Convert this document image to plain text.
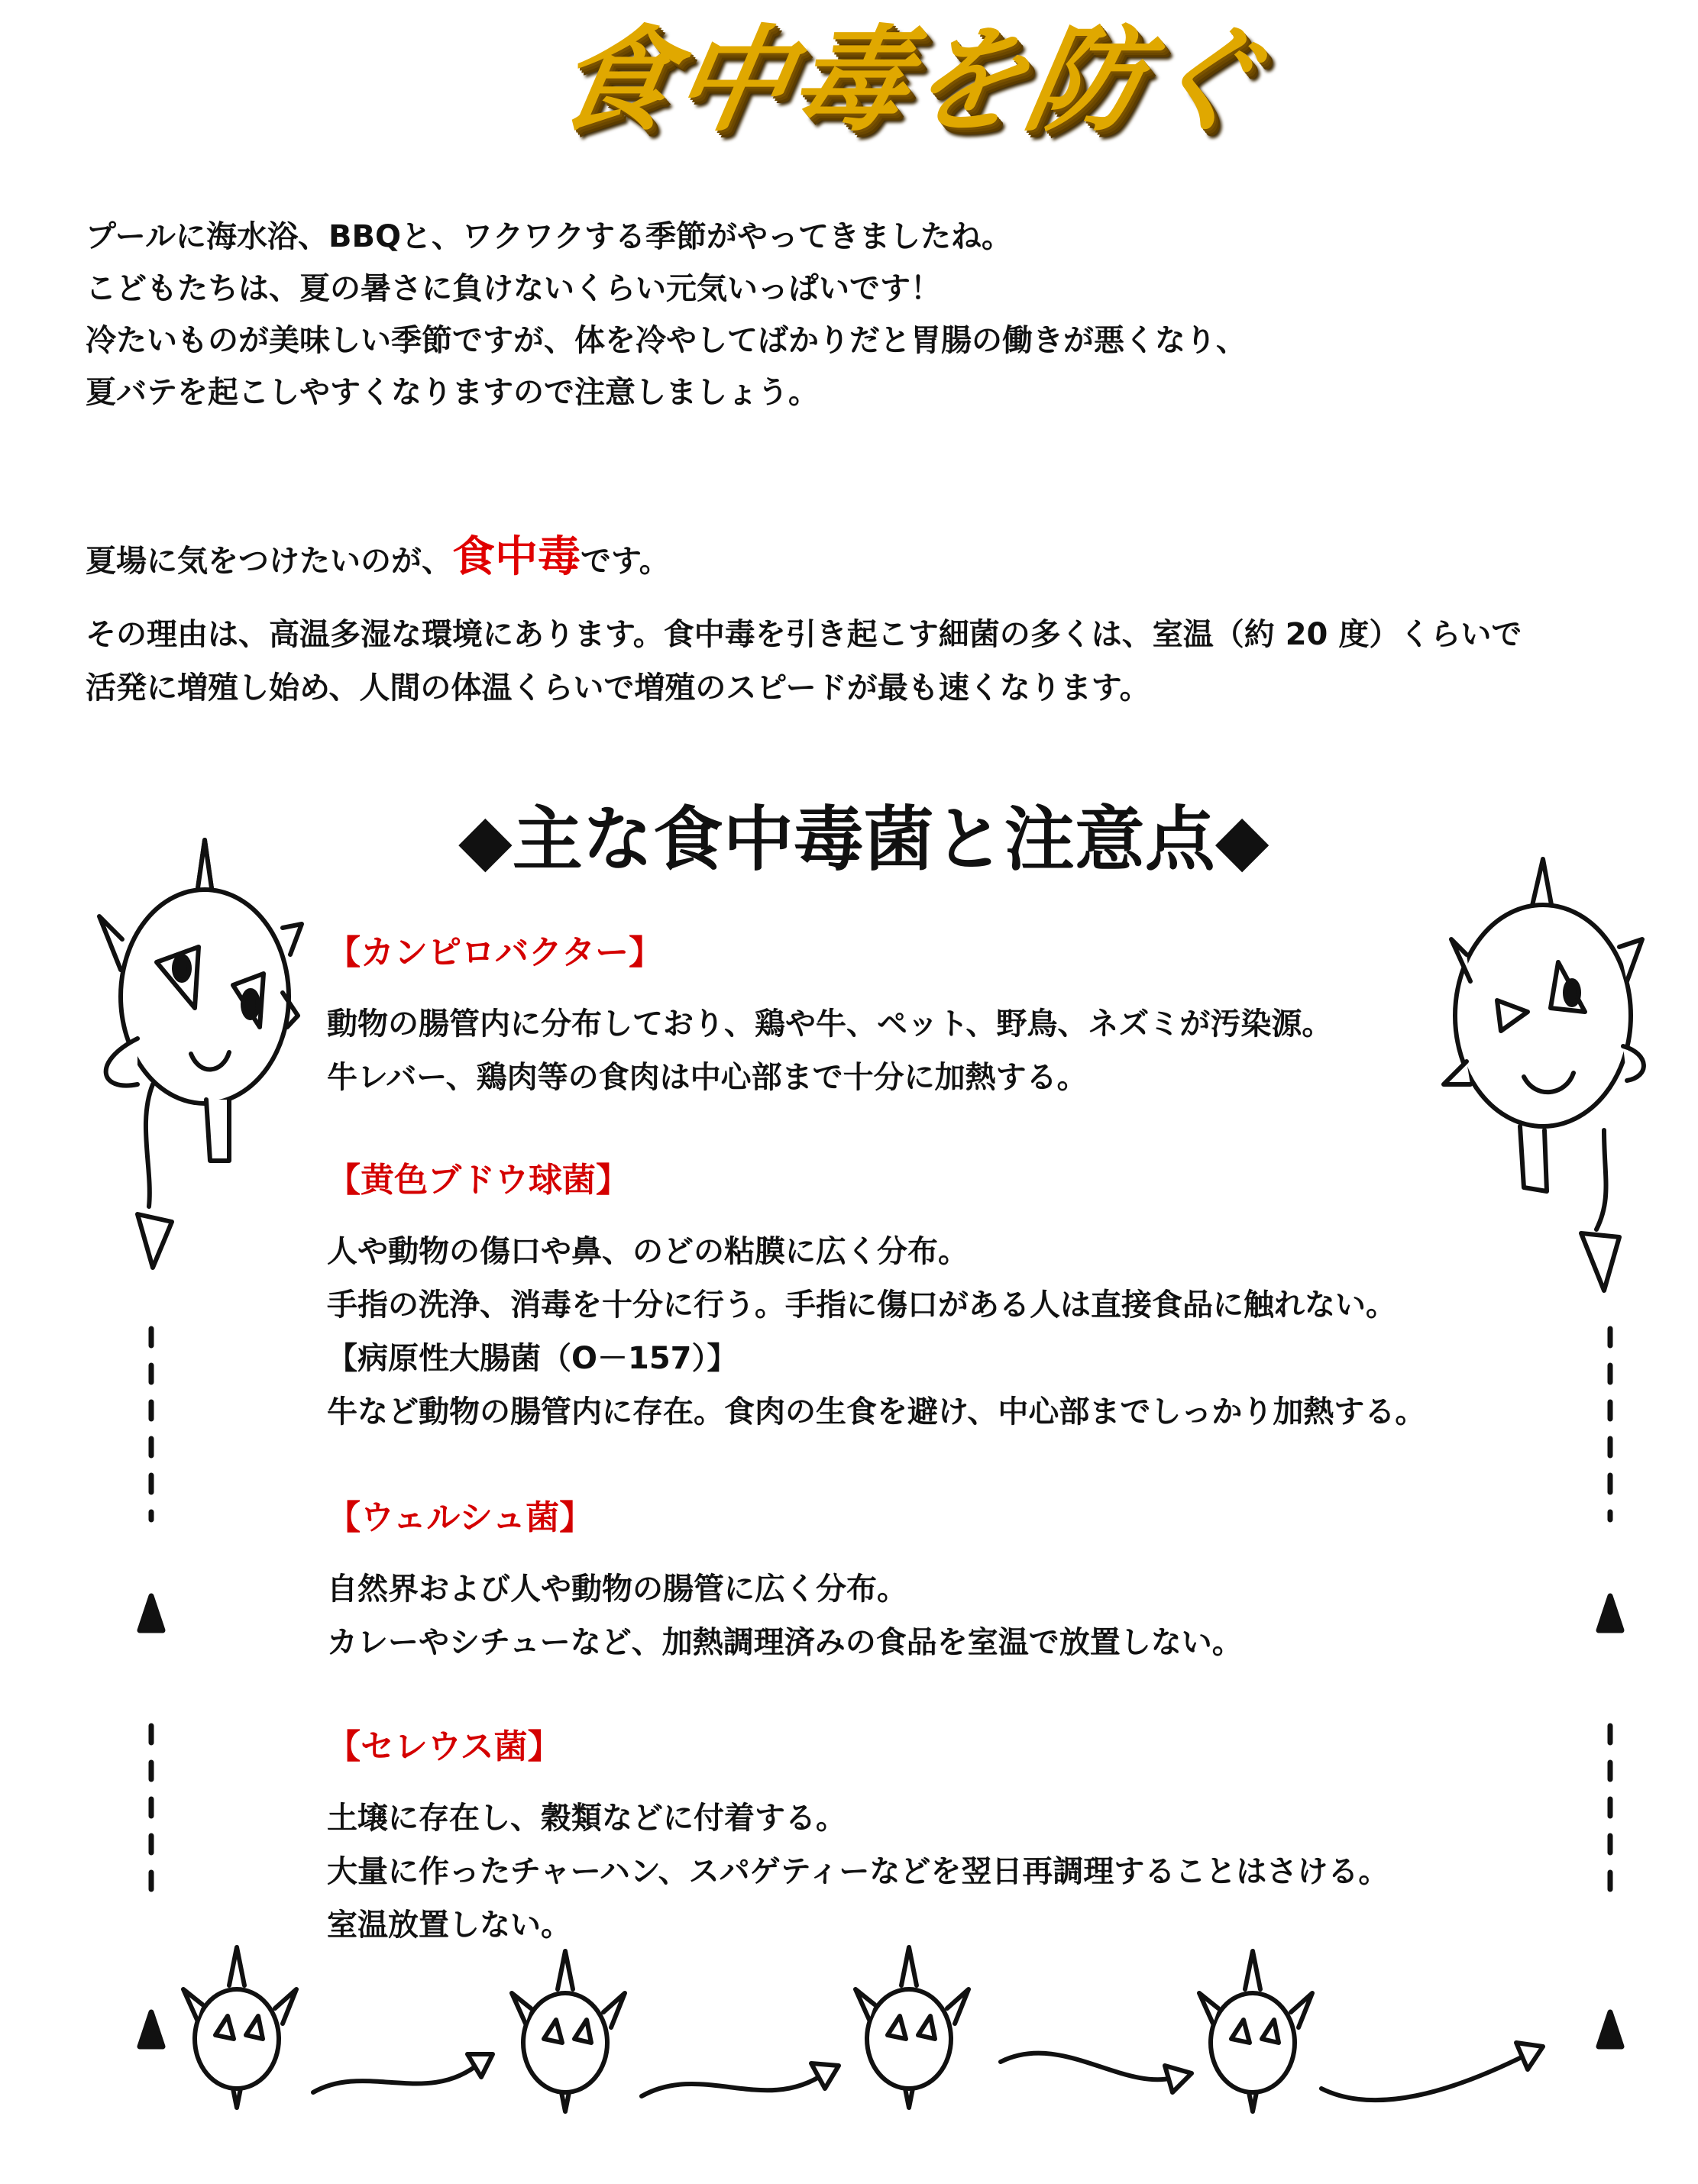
食中毒を防ぐ
プールに海水浴、BBQと、ワクワクする季節がやってきましたね。
こどもたちは、夏の暑さに負けないくらい元気いっぱいです！
冷たいものが美味しい季節ですが、体を冷やしてばかりだと胃腸の働きが悪くなり、
夏バテを起こしやすくなりますので注意しましょう。
夏場に気をつけたいのが、食中毒です。
その理由は、高温多湿な環境にあります。食中毒を引き起こす細菌の多くは、室温（約 20 度）くらいで
活発に増殖し始め、人間の体温くらいで増殖のスピードが最も速くなります。
◆主な食中毒菌と注意点◆
【カンピロバクター】
動物の腸管内に分布しており、鶏や牛、ペット、野鳥、ネズミが汚染源。
牛レバー、鶏肉等の食肉は中心部まで十分に加熱する。
【黄色ブドウ球菌】
人や動物の傷口や鼻、のどの粘膜に広く分布。
手指の洗浄、消毒を十分に行う。手指に傷口がある人は直接食品に触れない。
【病原性大腸菌（O－157）】
牛など動物の腸管内に存在。食肉の生食を避け、中心部までしっかり加熱する。
【ウェルシュ菌】
自然界および人や動物の腸管に広く分布。
カレーやシチューなど、加熱調理済みの食品を室温で放置しない。
【セレウス菌】
土壌に存在し、穀類などに付着する。
大量に作ったチャーハン、スパゲティーなどを翌日再調理することはさける。
室温放置しない。
